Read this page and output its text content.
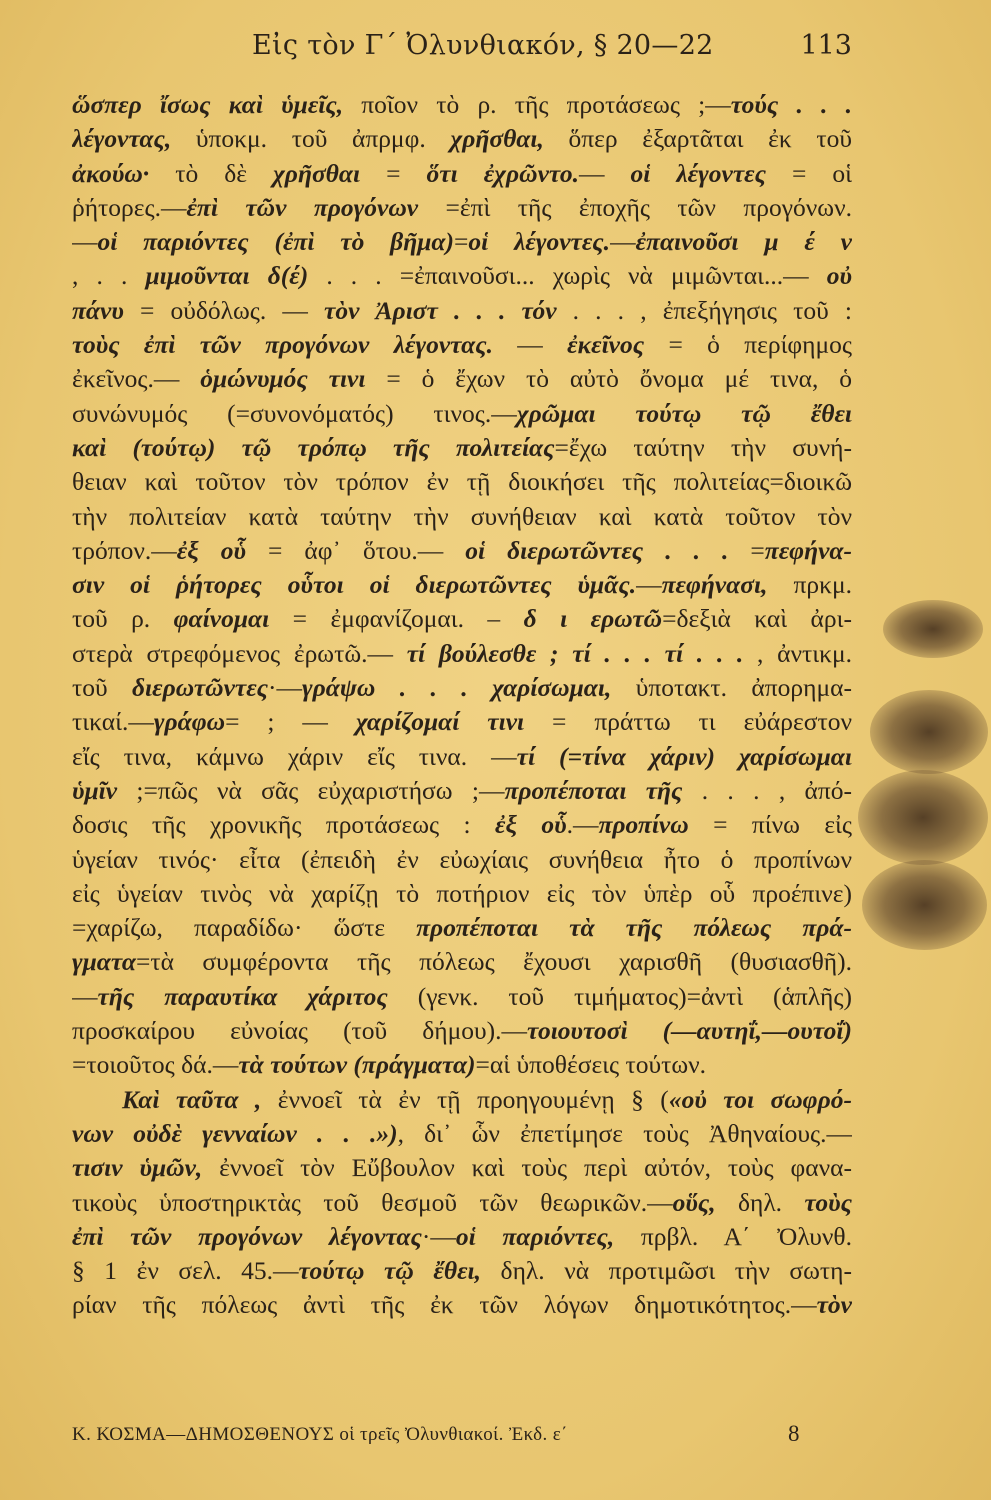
Εἰς τὸν Γ΄ Ὀλυνθιακόν, § 20—22	113
ὥσπερ ἴσως καὶ ὑμεῖς, ποῖον τὸ ρ. τῆς προτάσεως ;—τούς . . .
λέγοντας, ὑποκμ. τοῦ ἀπρμφ. χρῆσθαι, ὅπερ ἐξαρτᾶται ἐκ τοῦ
ἀκούω· τὸ δὲ χρῆσθαι = ὅτι ἐχρῶντο.— οἱ λέγοντες = οἱ
ῥήτορες.—ἐπὶ τῶν προγόνων =ἐπὶ τῆς ἐποχῆς τῶν προγόνων.
—οἱ παριόντες (ἐπὶ τὸ βῆμα)=οἱ λέγοντες.—ἐπαινοῦσι μ έ ν
, . . μιμοῦνται δ(έ) . . . =ἐπαινοῦσι... χωρὶς νὰ μιμῶνται...— οὐ
πάνυ = οὐδόλως. — τὸν Ἀριστ . . . τόν . . . , ἐπεξήγησις τοῦ :
τοὺς ἐπὶ τῶν προγόνων λέγοντας. — ἐκεῖνος = ὁ περίφημος
ἐκεῖνος.— ὁμώνυμός τινι = ὁ ἔχων τὸ αὐτὸ ὄνομα μέ τινα, ὁ
συνώνυμός (=συνονόματός) τινος.—χρῶμαι τούτῳ τῷ ἔθει
καὶ (τούτῳ) τῷ τρόπῳ τῆς πολιτείας=ἔχω ταύτην τὴν συνή-
θειαν καὶ τοῦτον τὸν τρόπον ἐν τῇ διοικήσει τῆς πολιτείας=διοικῶ
τὴν πολιτείαν κατὰ ταύτην τὴν συνήθειαν καὶ κατὰ τοῦτον τὸν
τρόπον.—ἐξ οὗ = ἀφ᾽ ὅτου.— οἱ διερωτῶντες . . . =πεφήνα-
σιν οἱ ῥήτορες οὗτοι οἱ διερωτῶντες ὑμᾶς.—πεφήνασι, πρκμ.
τοῦ ρ. φαίνομαι = ἐμφανίζομαι. – δ ι ερωτῶ=δεξιὰ καὶ ἀρι-
στερὰ στρεφόμενος ἐρωτῶ.— τί βούλεσθε ; τί . . . τί . . . , ἀντικμ.
τοῦ διερωτῶντες·—γράψω . . . χαρίσωμαι, ὑποτακτ. ἀπορημα-
τικαί.—γράφω= ; — χαρίζομαί τινι = πράττω τι εὐάρεστον
εἴς τινα, κάμνω χάριν εἴς τινα. —τί (=τίνα χάριν) χαρίσωμαι
ὑμῖν ;=πῶς νὰ σᾶς εὐχαριστήσω ;—προπέποται τῆς . . . , ἀπό-
δοσις τῆς χρονικῆς προτάσεως : ἐξ οὗ.—προπίνω = πίνω εἰς
ὑγείαν τινός· εἶτα (ἐπειδὴ ἐν εὐωχίαις συνήθεια ἦτο ὁ προπίνων
εἰς ὑγείαν τινὸς νὰ χαρίζῃ τὸ ποτήριον εἰς τὸν ὑπὲρ οὗ προέπινε)
=χαρίζω, παραδίδω· ὥστε προπέποται τὰ τῆς πόλεως πρά-
γματα=τὰ συμφέροντα τῆς πόλεως ἔχουσι χαρισθῆ (θυσιασθῆ).
—τῆς παραυτίκα χάριτος (γενκ. τοῦ τιμήματος)=ἀντὶ (ἁπλῆς)
προσκαίρου εὐνοίας (τοῦ δήμου).—τοιουτοσὶ (—αυτηΐ,—ουτοΐ)
=τοιοῦτος δά.—τὰ τούτων (πράγματα)=αἱ ὑποθέσεις τούτων.
Καὶ ταῦτα , ἐννοεῖ τὰ ἐν τῇ προηγουμένῃ § («οὐ τοι σωφρό-
νων οὐδὲ γενναίων . . .»), δι᾽ ὧν ἐπετίμησε τοὺς Ἀθηναίους.—
τισιν ὑμῶν, ἐννοεῖ τὸν Εὔβουλον καὶ τοὺς περὶ αὐτόν, τοὺς φανα-
τικοὺς ὑποστηρικτὰς τοῦ θεσμοῦ τῶν θεωρικῶν.—οὕς, δηλ. τοὺς
ἐπὶ τῶν προγόνων λέγοντας·—οἱ παριόντες, πρβλ. Α΄ Ὀλυνθ.
§ 1 ἐν σελ. 45.—τούτῳ τῷ ἔθει, δηλ. νὰ προτιμῶσι τὴν σωτη-
ρίαν τῆς πόλεως ἀντὶ τῆς ἐκ τῶν λόγων δημοτικότητος.—τὸν
Κ. ΚΟΣΜΑ—ΔΗΜΟΣΘΕΝΟΥΣ οἱ τρεῖς Ὀλυνθιακοί. Ἐκδ. ε΄	8
